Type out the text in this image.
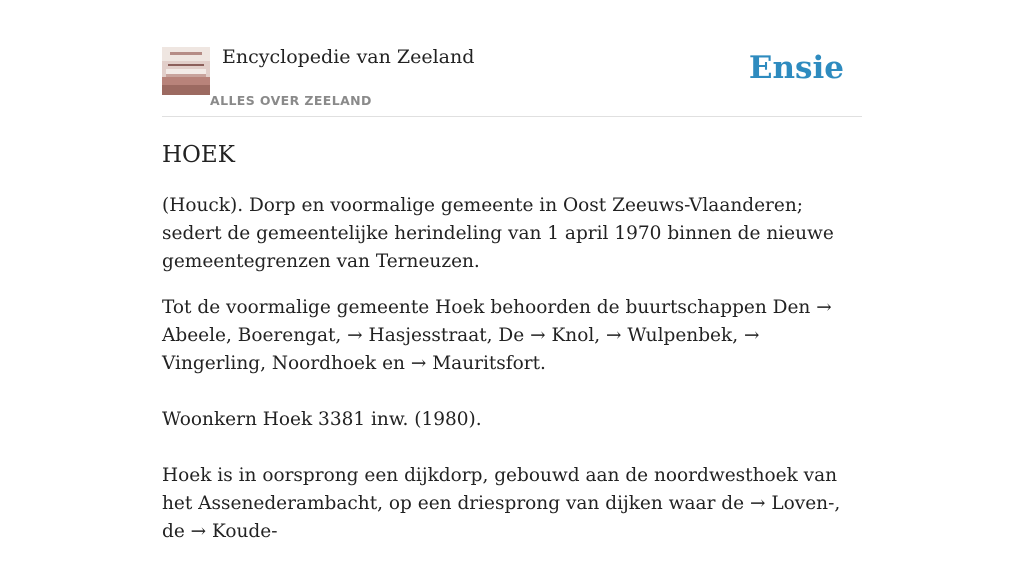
Encyclopedie van Zeeland
ALLES OVER ZEELAND
Ensie
HOEK

(Houck). Dorp en voormalige gemeente in Oost Zeeuws-Vlaanderen; sedert de gemeentelijke herindeling van 1 april 1970 binnen de nieuwe gemeentegrenzen van Terneuzen.

Tot de voormalige gemeente Hoek behoorden de buurtschappen Den → Abeele, Boerengat, → Hasjesstraat, De → Knol, → Wulpenbek, → Vingerling, Noordhoek en → Mauritsfort.

Woonkern Hoek 3381 inw. (1980).

Hoek is in oorsprong een dijkdorp, gebouwd aan de noordwesthoek van het Assenederambacht, op een driesprong van dijken waar de → Loven-, de → Koude-
